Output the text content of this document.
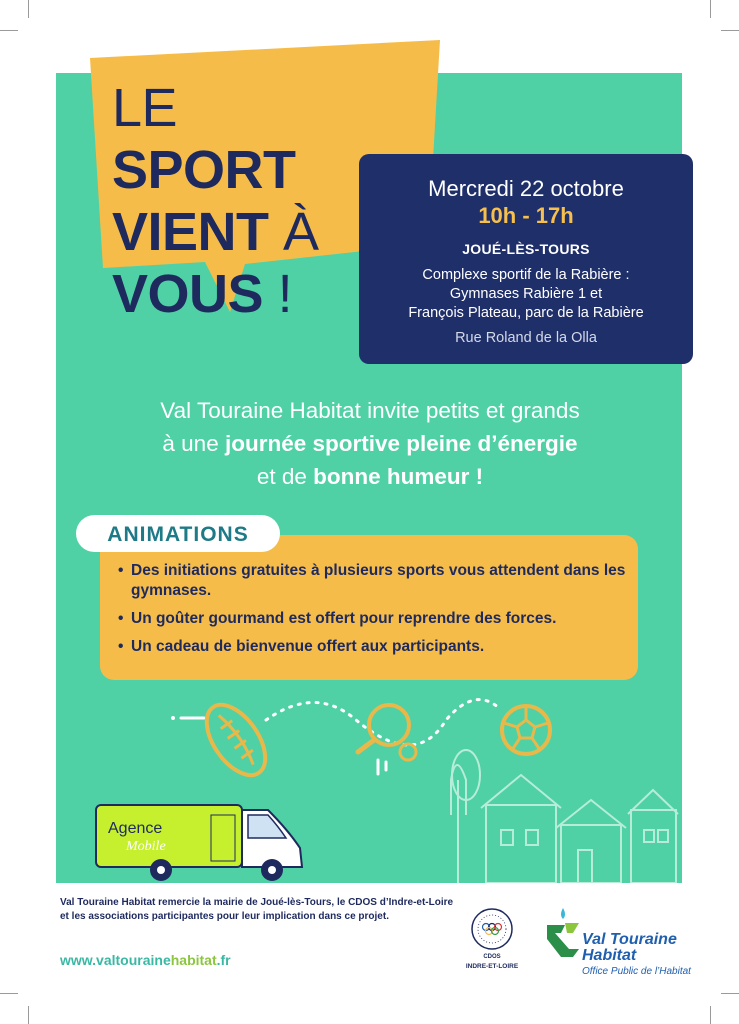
LE SPORT
VIENT À
VOUS !
Mercredi 22 octobre
10h - 17h
JOUÉ-LÈS-TOURS
Complexe sportif de la Rabière :
Gymnases Rabière 1 et
François Plateau, parc de la Rabière
Rue Roland de la Olla
Val Touraine Habitat invite petits et grands
à une journée sportive pleine d’énergie
et de bonne humeur !
• Des initiations gratuites à plusieurs sports vous attendent dans les gymnases.
• Un goûter gourmand est offert pour reprendre des forces.
• Un cadeau de bienvenue offert aux participants.
ANIMATIONS
Agence
Mobile
Val Touraine Habitat remercie la mairie de Joué-lès-Tours, le CDOS d’Indre-et-Loire
et les associations participantes pour leur implication dans ce projet.
www.valtourainehabitat.fr	CDOS
INDRE-ET-LOIRE
Val Touraine
Habitat
Office Public de l’Habitat
